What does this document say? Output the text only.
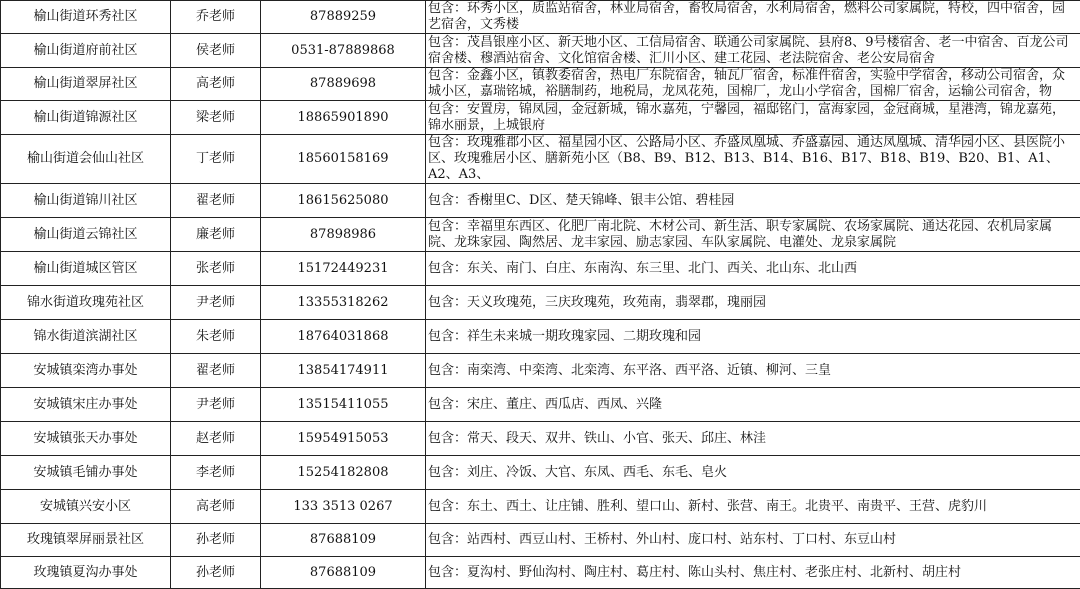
榆山街道环秀社区	乔老师	87889259	包含：环秀小区，质监站宿舍，林业局宿舍，畜牧局宿舍，水利局宿舍，燃料公司家属院，特校，四中宿舍，园艺宿舍，文秀楼
榆山街道府前社区	侯老师	0531-87889868	包含：茂昌银座小区、新天地小区、工信局宿舍、联通公司家属院、县府8、9号楼宿舍、老一中宿舍、百龙公司宿舍楼、穆酒站宿舍、文化馆宿舍楼、汇川小区、建工花园、老法院宿舍、老公安局宿舍
榆山街道翠屏社区	高老师	87889698	包含：金鑫小区，镇教委宿舍，热电厂东院宿舍，轴瓦厂宿舍，标准件宿舍，实验中学宿舍，移动公司宿舍，众城小区，嘉瑞铭城，裕膳制药，地税局，龙凤花苑，国棉厂，龙山小学宿舍，国棉厂宿舍，运输公司宿舍，物
榆山街道锦源社区	梁老师	18865901890	包含：安置房，锦凤园，金冠新城，锦水嘉苑，宁馨园，福邸铭门，富海家园，金冠商城，星港湾，锦龙嘉苑，锦水丽景，上城银府
榆山街道会仙山社区	丁老师	18560158169	包含：玫瑰雅郡小区、福星园小区、公路局小区、乔盛凤凰城、乔盛嘉园、通达凤凰城、清华园小区、县医院小区、玫瑰雅居小区、膳新苑小区（B8、B9、B12、B13、B14、B16、B17、B18、B19、B20、B1、A1、A2、A3、
榆山街道锦川社区	翟老师	18615625080	包含：香榭里C、D区、楚天锦峰、银丰公馆、碧桂园
榆山街道云锦社区	廉老师	87898986	包含：幸福里东西区、化肥厂南北院、木材公司、新生活、职专家属院、农场家属院、通达花园、农机局家属院、龙珠家园、陶然居、龙丰家园、励志家园、车队家属院、电灌处、龙泉家属院
榆山街道城区管区	张老师	15172449231	包含：东关、南门、白庄、东南沟、东三里、北门、西关、北山东、北山西
锦水街道玫瑰苑社区	尹老师	13355318262	包含：天义玫瑰苑，三庆玫瑰苑，玫苑南，翡翠郡，瑰丽园
锦水街道滨湖社区	朱老师	18764031868	包含：祥生未来城一期玫瑰家园、二期玫瑰和园
安城镇栾湾办事处	翟老师	13854174911	包含：南栾湾、中栾湾、北栾湾、东平洛、西平洛、近镇、柳河、三皇
安城镇宋庄办事处	尹老师	13515411055	包含：宋庄、董庄、西瓜店、西凤、兴隆
安城镇张天办事处	赵老师	15954915053	包含：常天、段天、双井、铁山、小官、张天、邱庄、林洼
安城镇毛铺办事处	李老师	15254182808	包含：刘庄、冷饭、大官、东凤、西毛、东毛、皂火
安城镇兴安小区	高老师	133 3513 0267	包含：东土、西土、让庄铺、胜利、望口山、新村、张营、南王。北贵平、南贵平、王营、虎豹川
玫瑰镇翠屏丽景社区	孙老师	87688109	包含：站西村、西豆山村、王桥村、外山村、庞口村、站东村、丁口村、东豆山村
玫瑰镇夏沟办事处	孙老师	87688109	包含：夏沟村、野仙沟村、陶庄村、葛庄村、陈山头村、焦庄村、老张庄村、北新村、胡庄村
